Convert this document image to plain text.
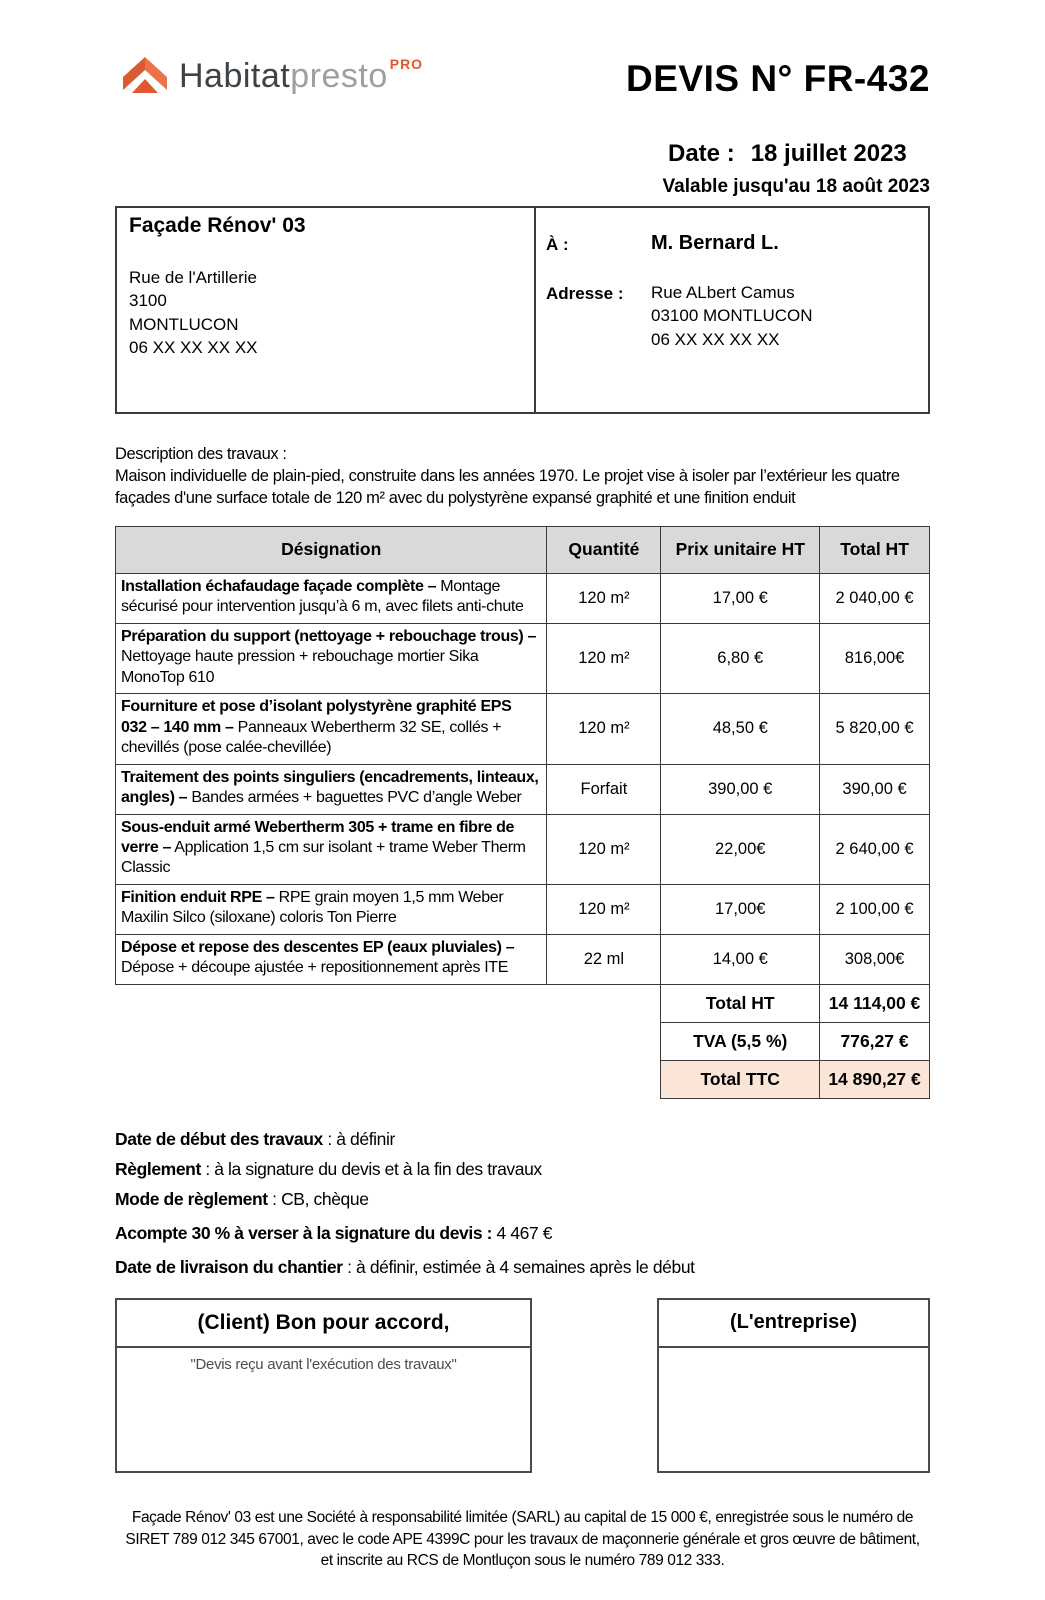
Habitatpresto $^{PRO}$	DEVIS N° FR-432
Date : 18 juillet 2023
Valable jusqu'au 18 août 2023
Façade Rénov' 03
Rue de l'Artillerie
3100
MONTLUCON
06 XX XX XX XX
À :	M. Bernard L.
Adresse :	Rue ALbert Camus
03100 MONTLUCON
06 XX XX XX XX
Description des travaux :
Maison individuelle de plain-pied, construite dans les années 1970. Le projet vise à isoler par l’extérieur les quatre façades d'une surface totale de 120 m² avec du polystyrène expansé graphité et une finition enduit
Désignation	Quantité	Prix unitaire HT	Total HT
Installation échafaudage façade complète – Montage sécurisé pour intervention jusqu’à 6 m, avec filets anti-chute	120 m²	17,00 €	2 040,00 €
Préparation du support (nettoyage + rebouchage trous) – Nettoyage haute pression + rebouchage mortier Sika MonoTop 610	120 m²	6,80 €	816,00€
Fourniture et pose d’isolant polystyrène graphité EPS 032 – 140 mm – Panneaux Webertherm 32 SE, collés + chevillés (pose calée-chevillée)	120 m²	48,50 €	5 820,00 €
Traitement des points singuliers (encadrements, linteaux, angles) – Bandes armées + baguettes PVC d’angle Weber	Forfait	390,00 €	390,00 €
Sous-enduit armé Webertherm 305 + trame en fibre de verre – Application 1,5 cm sur isolant + trame Weber Therm Classic	120 m²	22,00€	2 640,00 €
Finition enduit RPE – RPE grain moyen 1,5 mm Weber Maxilin Silco (siloxane) coloris Ton Pierre	120 m²	17,00€	2 100,00 €
Dépose et repose des descentes EP (eaux pluviales) – Dépose + découpe ajustée + repositionnement après ITE	22 ml	14,00 €	308,00€
		Total HT	14 114,00 €
		TVA (5,5 %)	776,27 €
		Total TTC	14 890,27 €
Date de début des travaux : à définir
Règlement : à la signature du devis et à la fin des travaux
Mode de règlement : CB, chèque
Acompte 30 % à verser à la signature du devis : 4 467 €
Date de livraison du chantier : à définir, estimée à 4 semaines après le début
(Client) Bon pour accord,
"Devis reçu avant l'exécution des travaux"
(L'entreprise)
Façade Rénov' 03 est une Société à responsabilité limitée (SARL) au capital de 15 000 €, enregistrée sous le numéro de
SIRET 789 012 345 67001, avec le code APE 4399C pour les travaux de maçonnerie générale et gros œuvre de bâtiment,
et inscrite au RCS de Montluçon sous le numéro 789 012 333.
